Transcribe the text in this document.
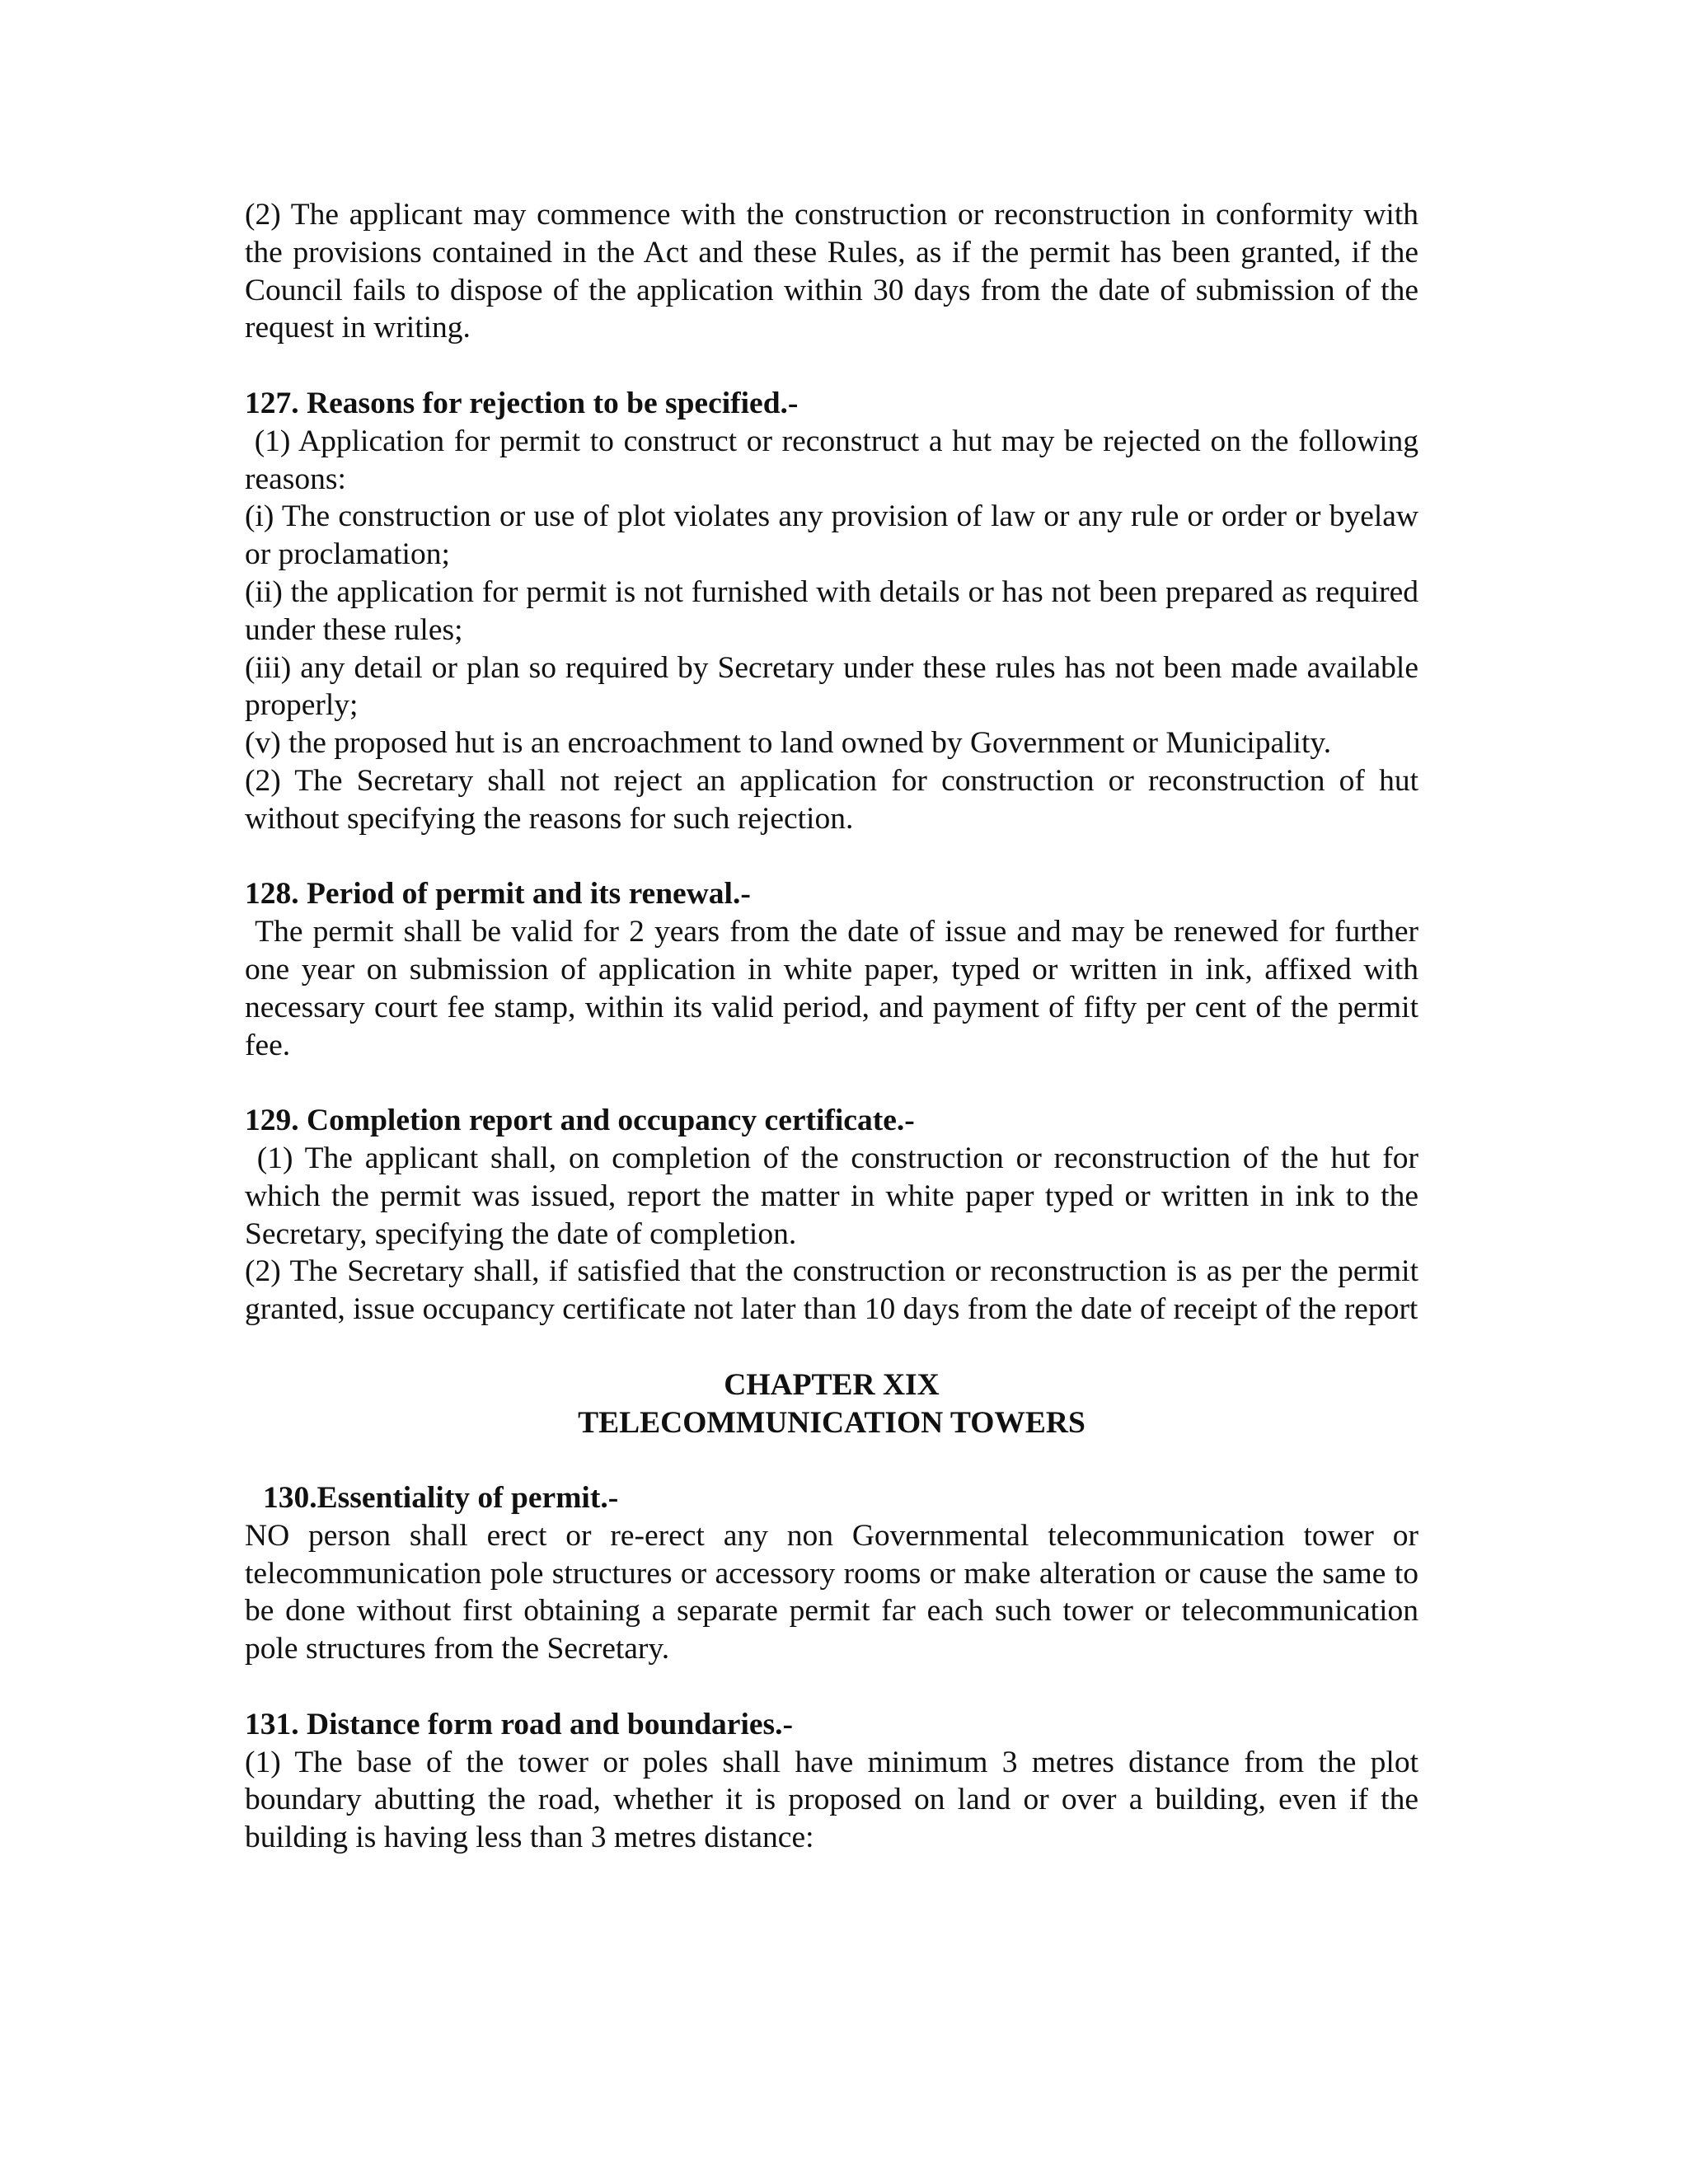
(2) The applicant may commence with the construction or reconstruction in conformity with the provisions contained in the Act and these Rules, as if the permit has been granted, if the Council fails to dispose of the application within 30 days from the date of submission of the request in writing.

127. Reasons for rejection to be specified.-

(1) Application for permit to construct or reconstruct a hut may be rejected on the following reasons:

(i) The construction or use of plot violates any provision of law or any rule or order or byelaw or proclamation;

(ii) the application for permit is not furnished with details or has not been prepared as required under these rules;

(iii) any detail or plan so required by Secretary under these rules has not been made available properly;

(v) the proposed hut is an encroachment to land owned by Government or Municipality.

(2) The Secretary shall not reject an application for construction or reconstruction of hut without specifying the reasons for such rejection.

128. Period of permit and its renewal.-

The permit shall be valid for 2 years from the date of issue and may be renewed for further one year on submission of application in white paper, typed or written in ink, affixed with necessary court fee stamp, within its valid period, and payment of fifty per cent of the permit fee.

129. Completion report and occupancy certificate.-

(1) The applicant shall, on completion of the construction or reconstruction of the hut for which the permit was issued, report the matter in white paper typed or written in ink to the Secretary, specifying the date of completion.

(2) The Secretary shall, if satisfied that the construction or reconstruction is as per the permit granted, issue occupancy certificate not later than 10 days from the date of receipt of the report

CHAPTER XIX

TELECOMMUNICATION TOWERS

130.Essentiality of permit.-

NO person shall erect or re-erect any non Governmental telecommunication tower or telecommunication pole structures or accessory rooms or make alteration or cause the same to be done without first obtaining a separate permit far each such tower or telecommunication pole structures from the Secretary.

131. Distance form road and boundaries.-

(1) The base of the tower or poles shall have minimum 3 metres distance from the plot boundary abutting the road, whether it is proposed on land or over a building, even if the building is having less than 3 metres distance:
